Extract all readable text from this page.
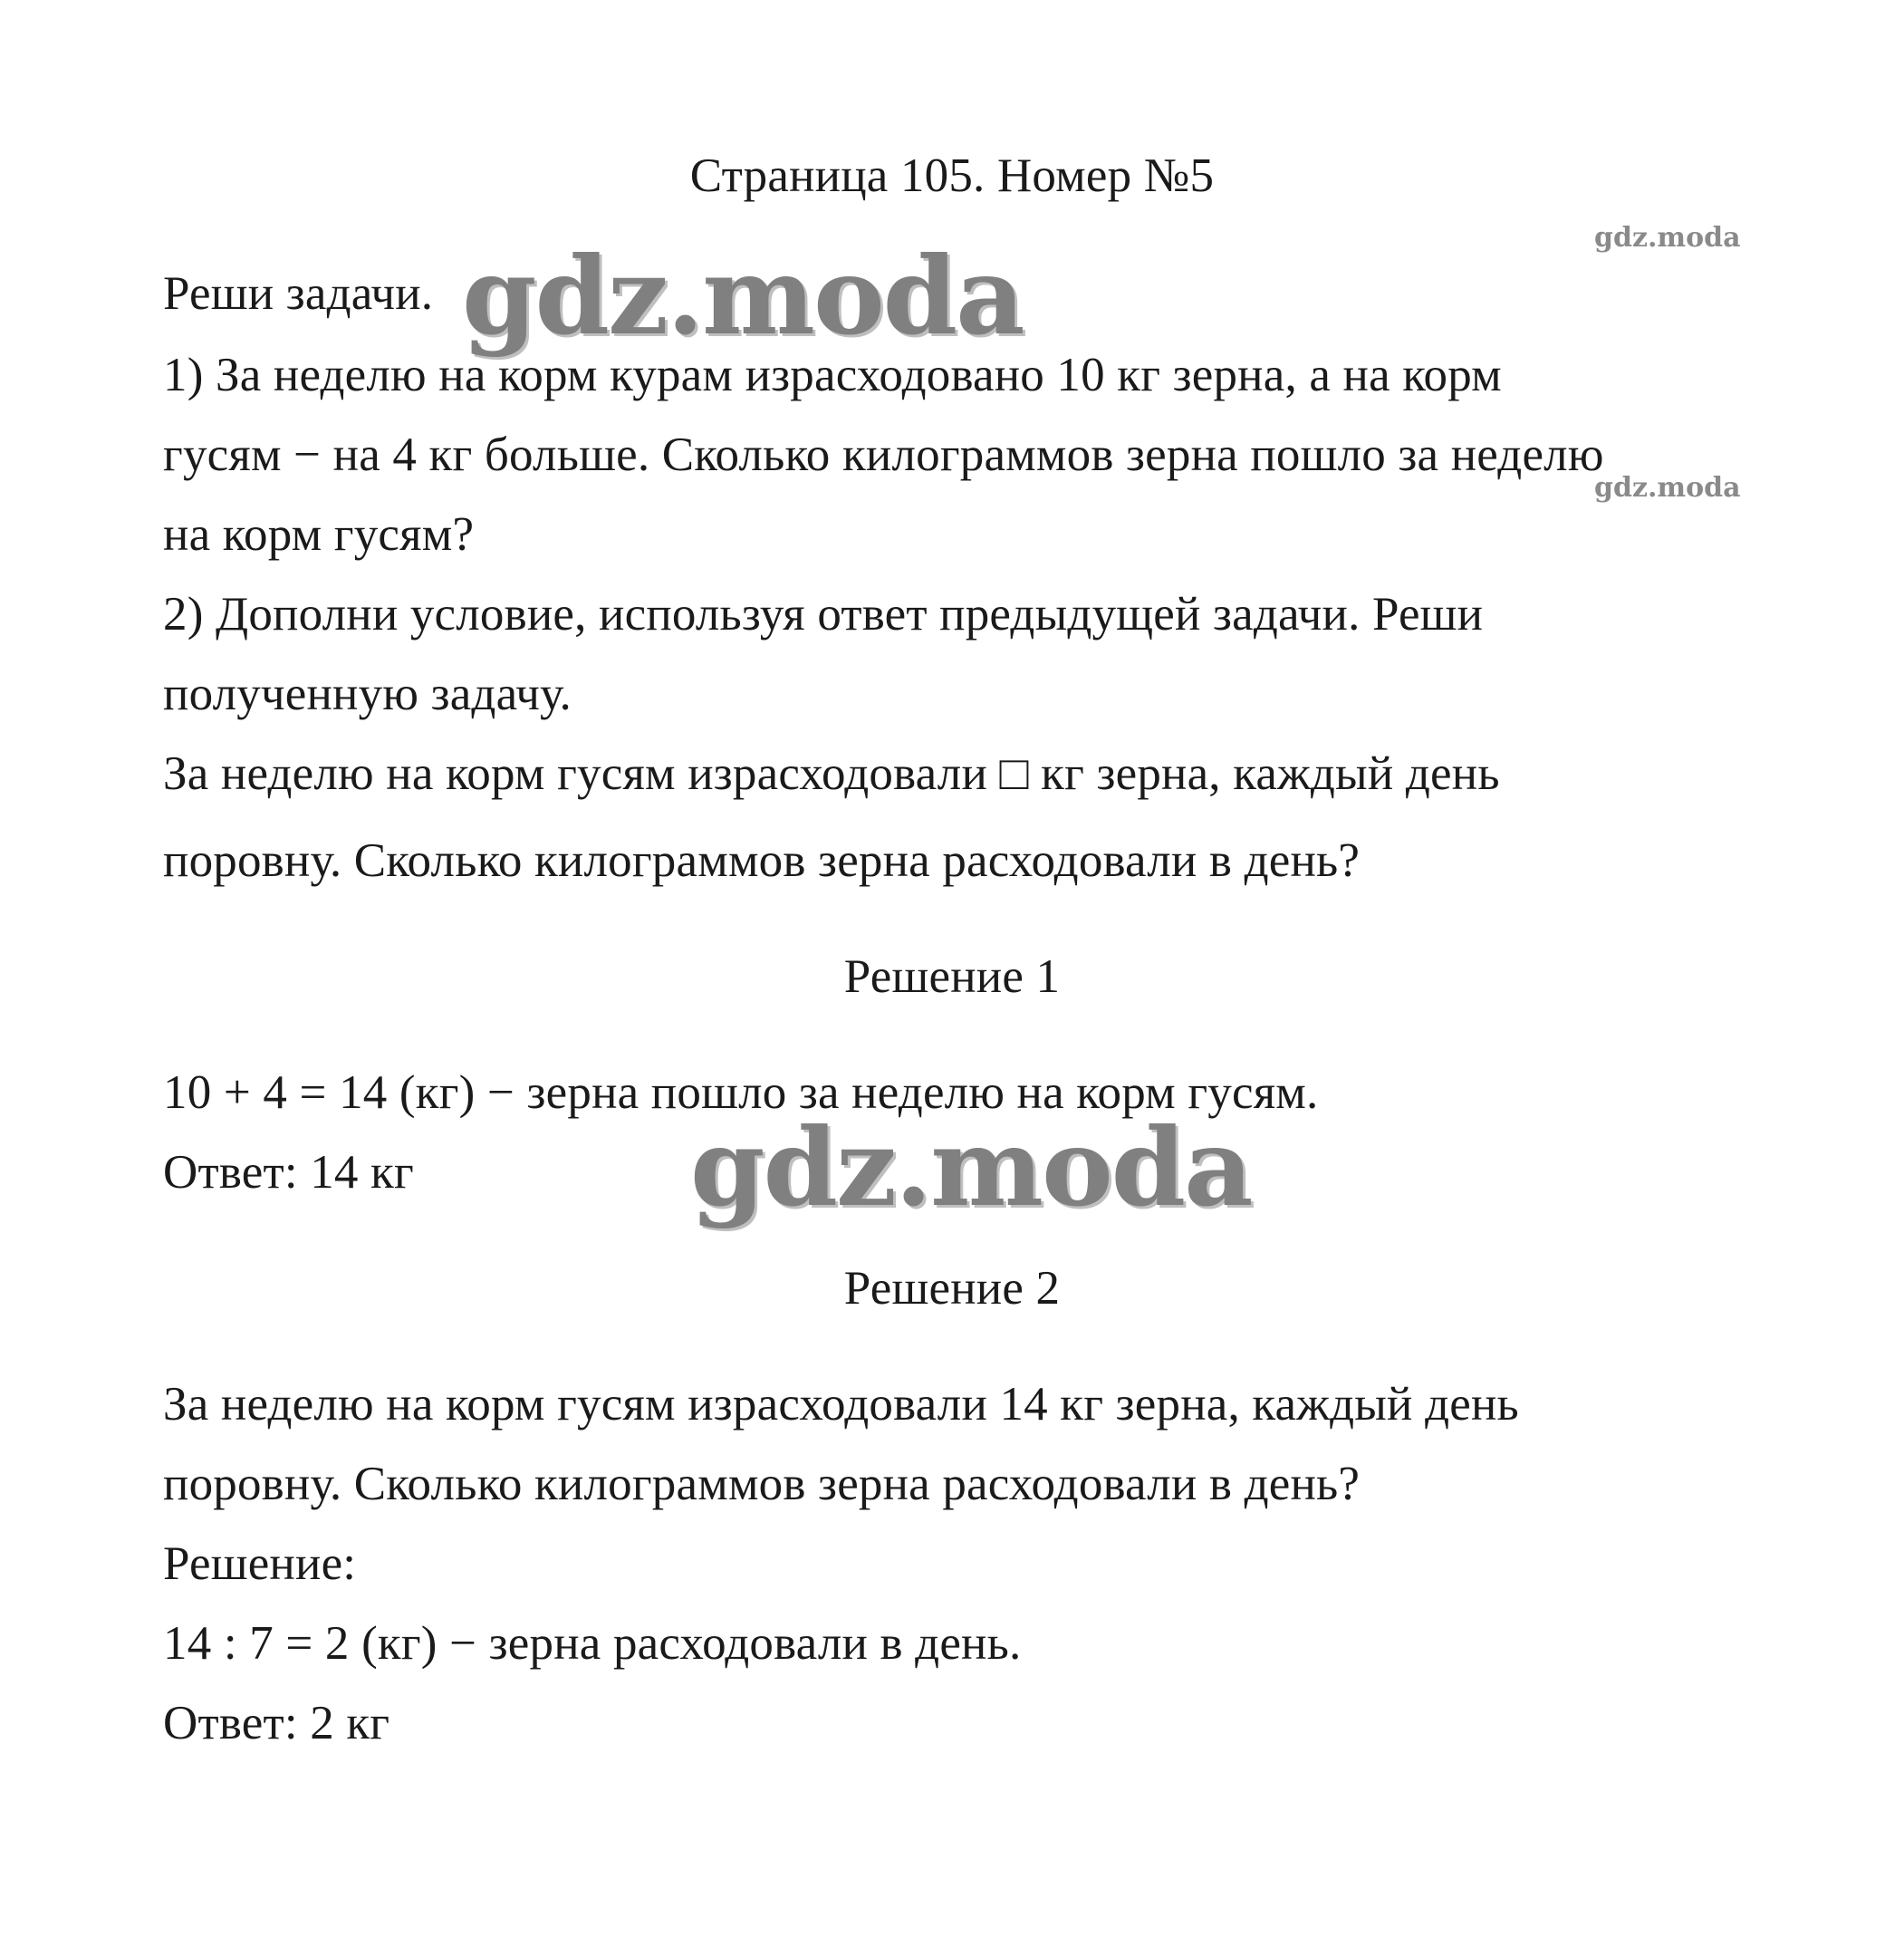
Страница 105. Номер №5
gdz.moda
Реши задачи. gdz.moda
1) За неделю на корм курам израсходовано 10 кг зерна, а на корм
гусям − на 4 кг больше. Сколько килограммов зерна пошло за неделю
gdz.moda
на корм гусям?
2) Дополни условие, используя ответ предыдущей задачи. Реши
полученную задачу.
За неделю на корм гусям израсходовали □ кг зерна, каждый день
поровну. Сколько килограммов зерна расходовали в день?
Решение 1
10 + 4 = 14 (кг) − зерна пошло за неделю на корм гусям.
Ответ: 14 кг	gdz.moda
Решение 2
За неделю на корм гусям израсходовали 14 кг зерна, каждый день
поровну. Сколько килограммов зерна расходовали в день?
Решение:
14 : 7 = 2 (кг) − зерна расходовали в день.
Ответ: 2 кг
